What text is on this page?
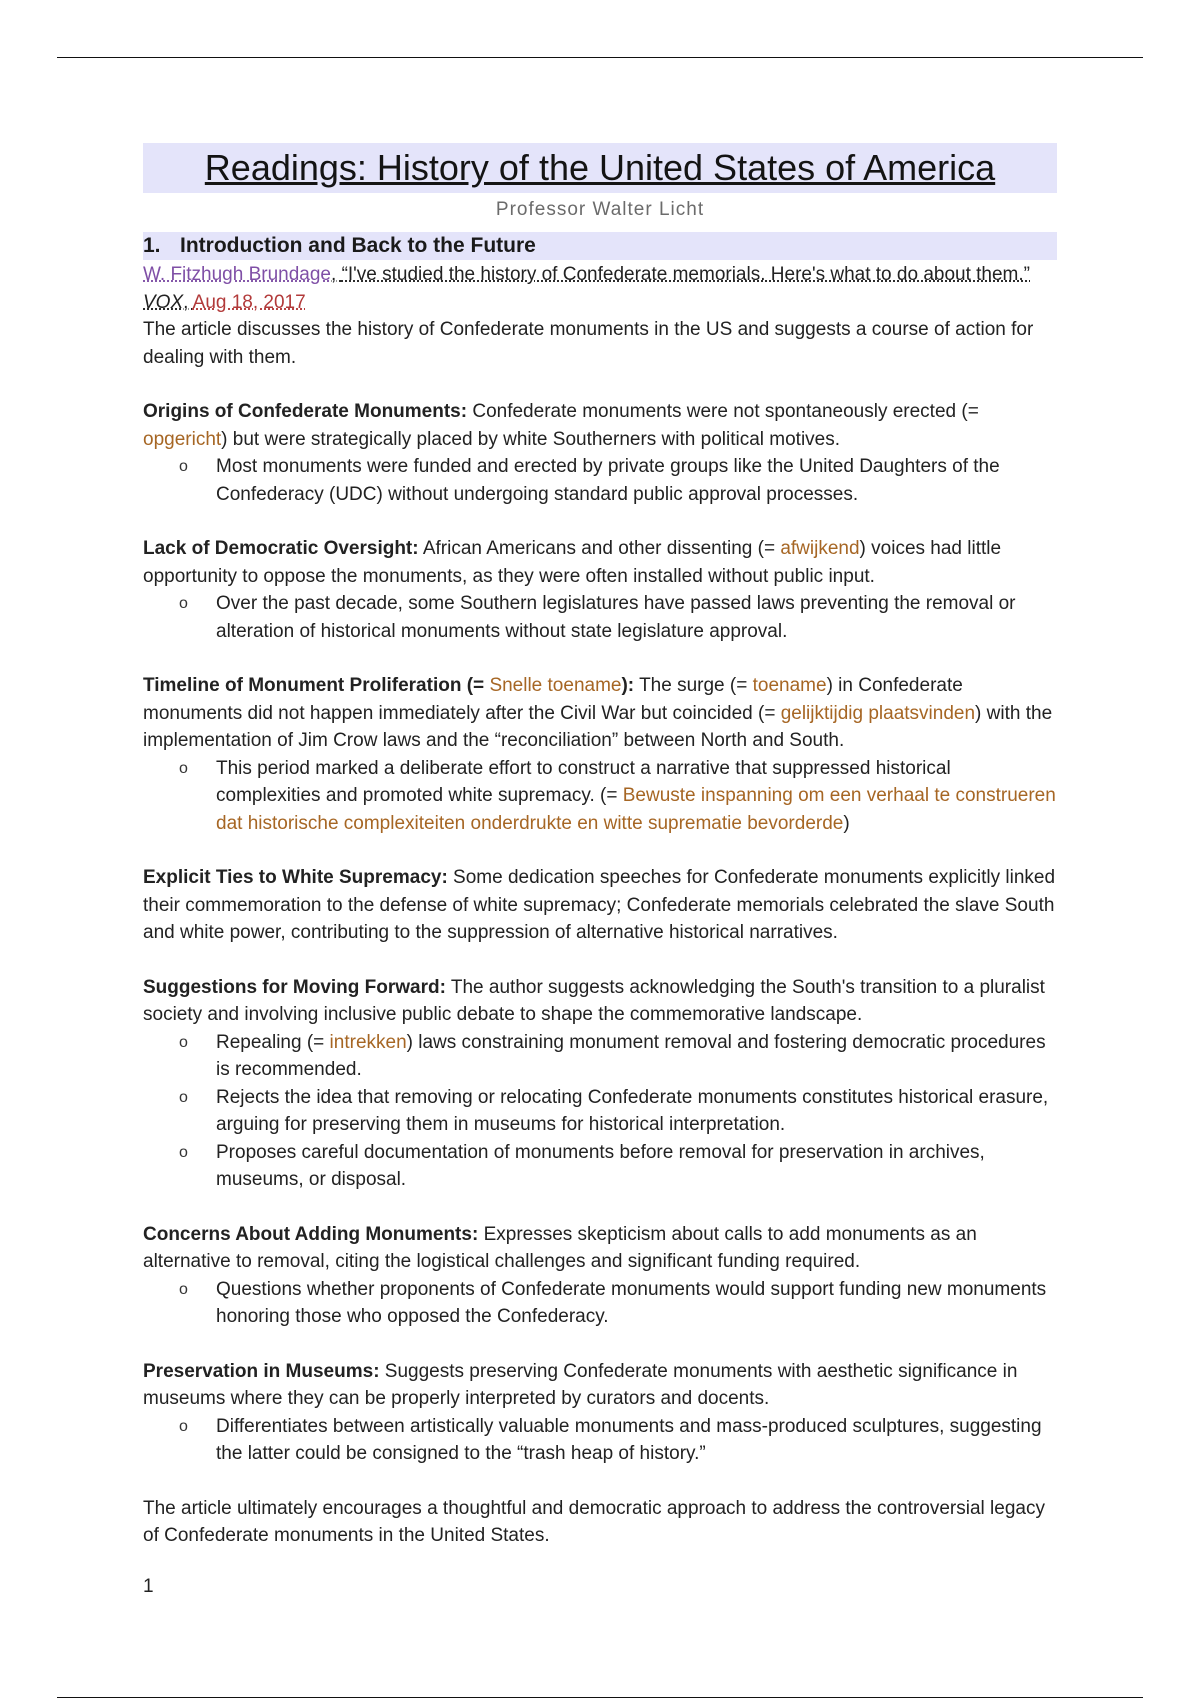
Readings: History of the United States of America
Professor Walter Licht
1. Introduction and Back to the Future

W. Fitzhugh Brundage, “I've studied the history of Confederate memorials. Here's what to do about them.” VOX, Aug 18, 2017

The article discusses the history of Confederate monuments in the US and suggests a course of action for dealing with them.

Origins of Confederate Monuments: Confederate monuments were not spontaneously erected (= opgericht) but were strategically placed by white Southerners with political motives.

o Most monuments were funded and erected by private groups like the United Daughters of the Confederacy (UDC) without undergoing standard public approval processes.

Lack of Democratic Oversight: African Americans and other dissenting (= afwijkend) voices had little opportunity to oppose the monuments, as they were often installed without public input.

o Over the past decade, some Southern legislatures have passed laws preventing the removal or alteration of historical monuments without state legislature approval.

Timeline of Monument Proliferation (= Snelle toename): The surge (= toename) in Confederate monuments did not happen immediately after the Civil War but coincided (= gelijktijdig plaatsvinden) with the implementation of Jim Crow laws and the “reconciliation” between North and South.

o This period marked a deliberate effort to construct a narrative that suppressed historical complexities and promoted white supremacy. (= Bewuste inspanning om een verhaal te construeren dat historische complexiteiten onderdrukte en witte suprematie bevorderde)

Explicit Ties to White Supremacy: Some dedication speeches for Confederate monuments explicitly linked their commemoration to the defense of white supremacy; Confederate memorials celebrated the slave South and white power, contributing to the suppression of alternative historical narratives.

Suggestions for Moving Forward: The author suggests acknowledging the South's transition to a pluralist society and involving inclusive public debate to shape the commemorative landscape.

o Repealing (= intrekken) laws constraining monument removal and fostering democratic procedures is recommended.
o Rejects the idea that removing or relocating Confederate monuments constitutes historical erasure, arguing for preserving them in museums for historical interpretation.
o Proposes careful documentation of monuments before removal for preservation in archives, museums, or disposal.

Concerns About Adding Monuments: Expresses skepticism about calls to add monuments as an alternative to removal, citing the logistical challenges and significant funding required.

o Questions whether proponents of Confederate monuments would support funding new monuments honoring those who opposed the Confederacy.

Preservation in Museums: Suggests preserving Confederate monuments with aesthetic significance in museums where they can be properly interpreted by curators and docents.

o Differentiates between artistically valuable monuments and mass-produced sculptures, suggesting the latter could be consigned to the “trash heap of history.”

The article ultimately encourages a thoughtful and democratic approach to address the controversial legacy of Confederate monuments in the United States.

1
